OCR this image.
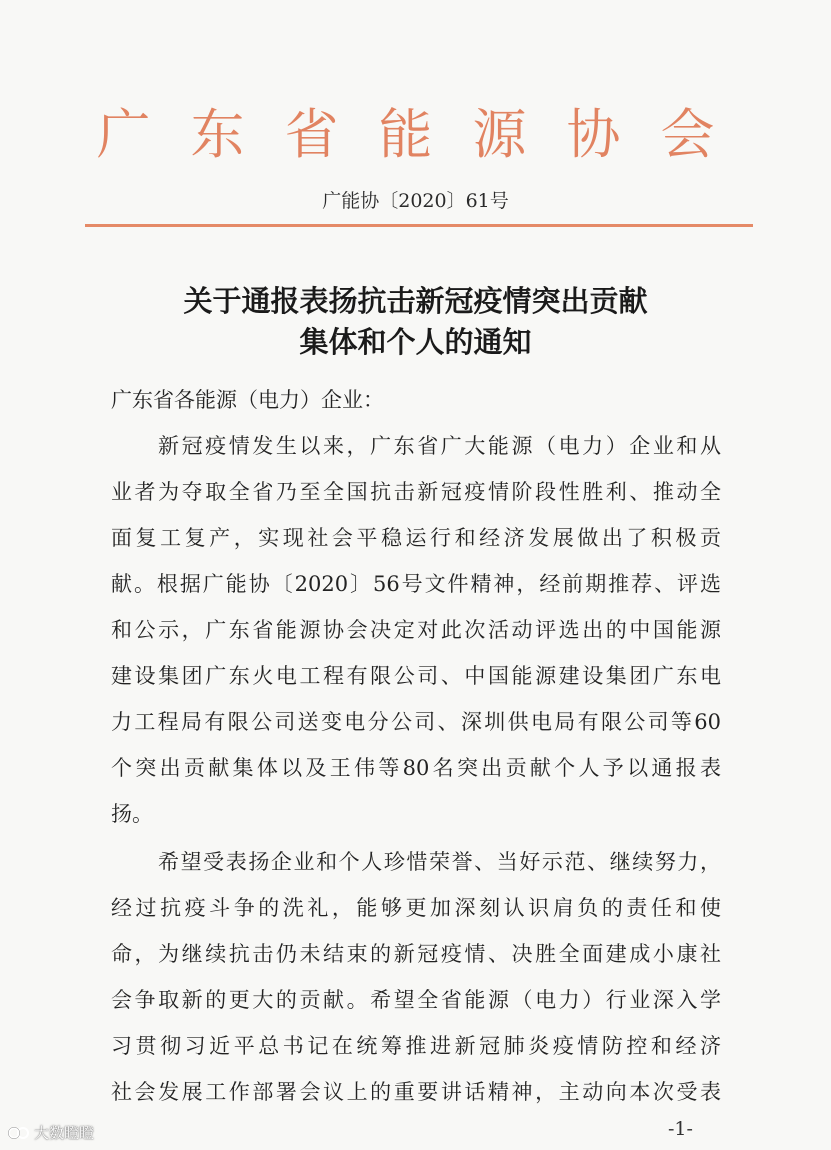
广东省能源协会
广能协〔2020〕61号
关于通报表扬抗击新冠疫情突出贡献
集体和个人的通知
广东省各能源（电力）企业：
新冠疫情发生以来，广东省广大能源（电力）企业和从
业者为夺取全省乃至全国抗击新冠疫情阶段性胜利、推动全
面复工复产，实现社会平稳运行和经济发展做出了积极贡
献。根据广能协〔2020〕56号文件精神，经前期推荐、评选
和公示，广东省能源协会决定对此次活动评选出的中国能源
建设集团广东火电工程有限公司、中国能源建设集团广东电
力工程局有限公司送变电分公司、深圳供电局有限公司等60
个突出贡献集体以及王伟等80名突出贡献个人予以通报表
扬。
希望受表扬企业和个人珍惜荣誉、当好示范、继续努力，
经过抗疫斗争的洗礼，能够更加深刻认识肩负的责任和使
命，为继续抗击仍未结束的新冠疫情、决胜全面建成小康社
会争取新的更大的贡献。希望全省能源（电力）行业深入学
习贯彻习近平总书记在统筹推进新冠肺炎疫情防控和经济
社会发展工作部署会议上的重要讲话精神，主动向本次受表
-1-
大数瞪瞪
